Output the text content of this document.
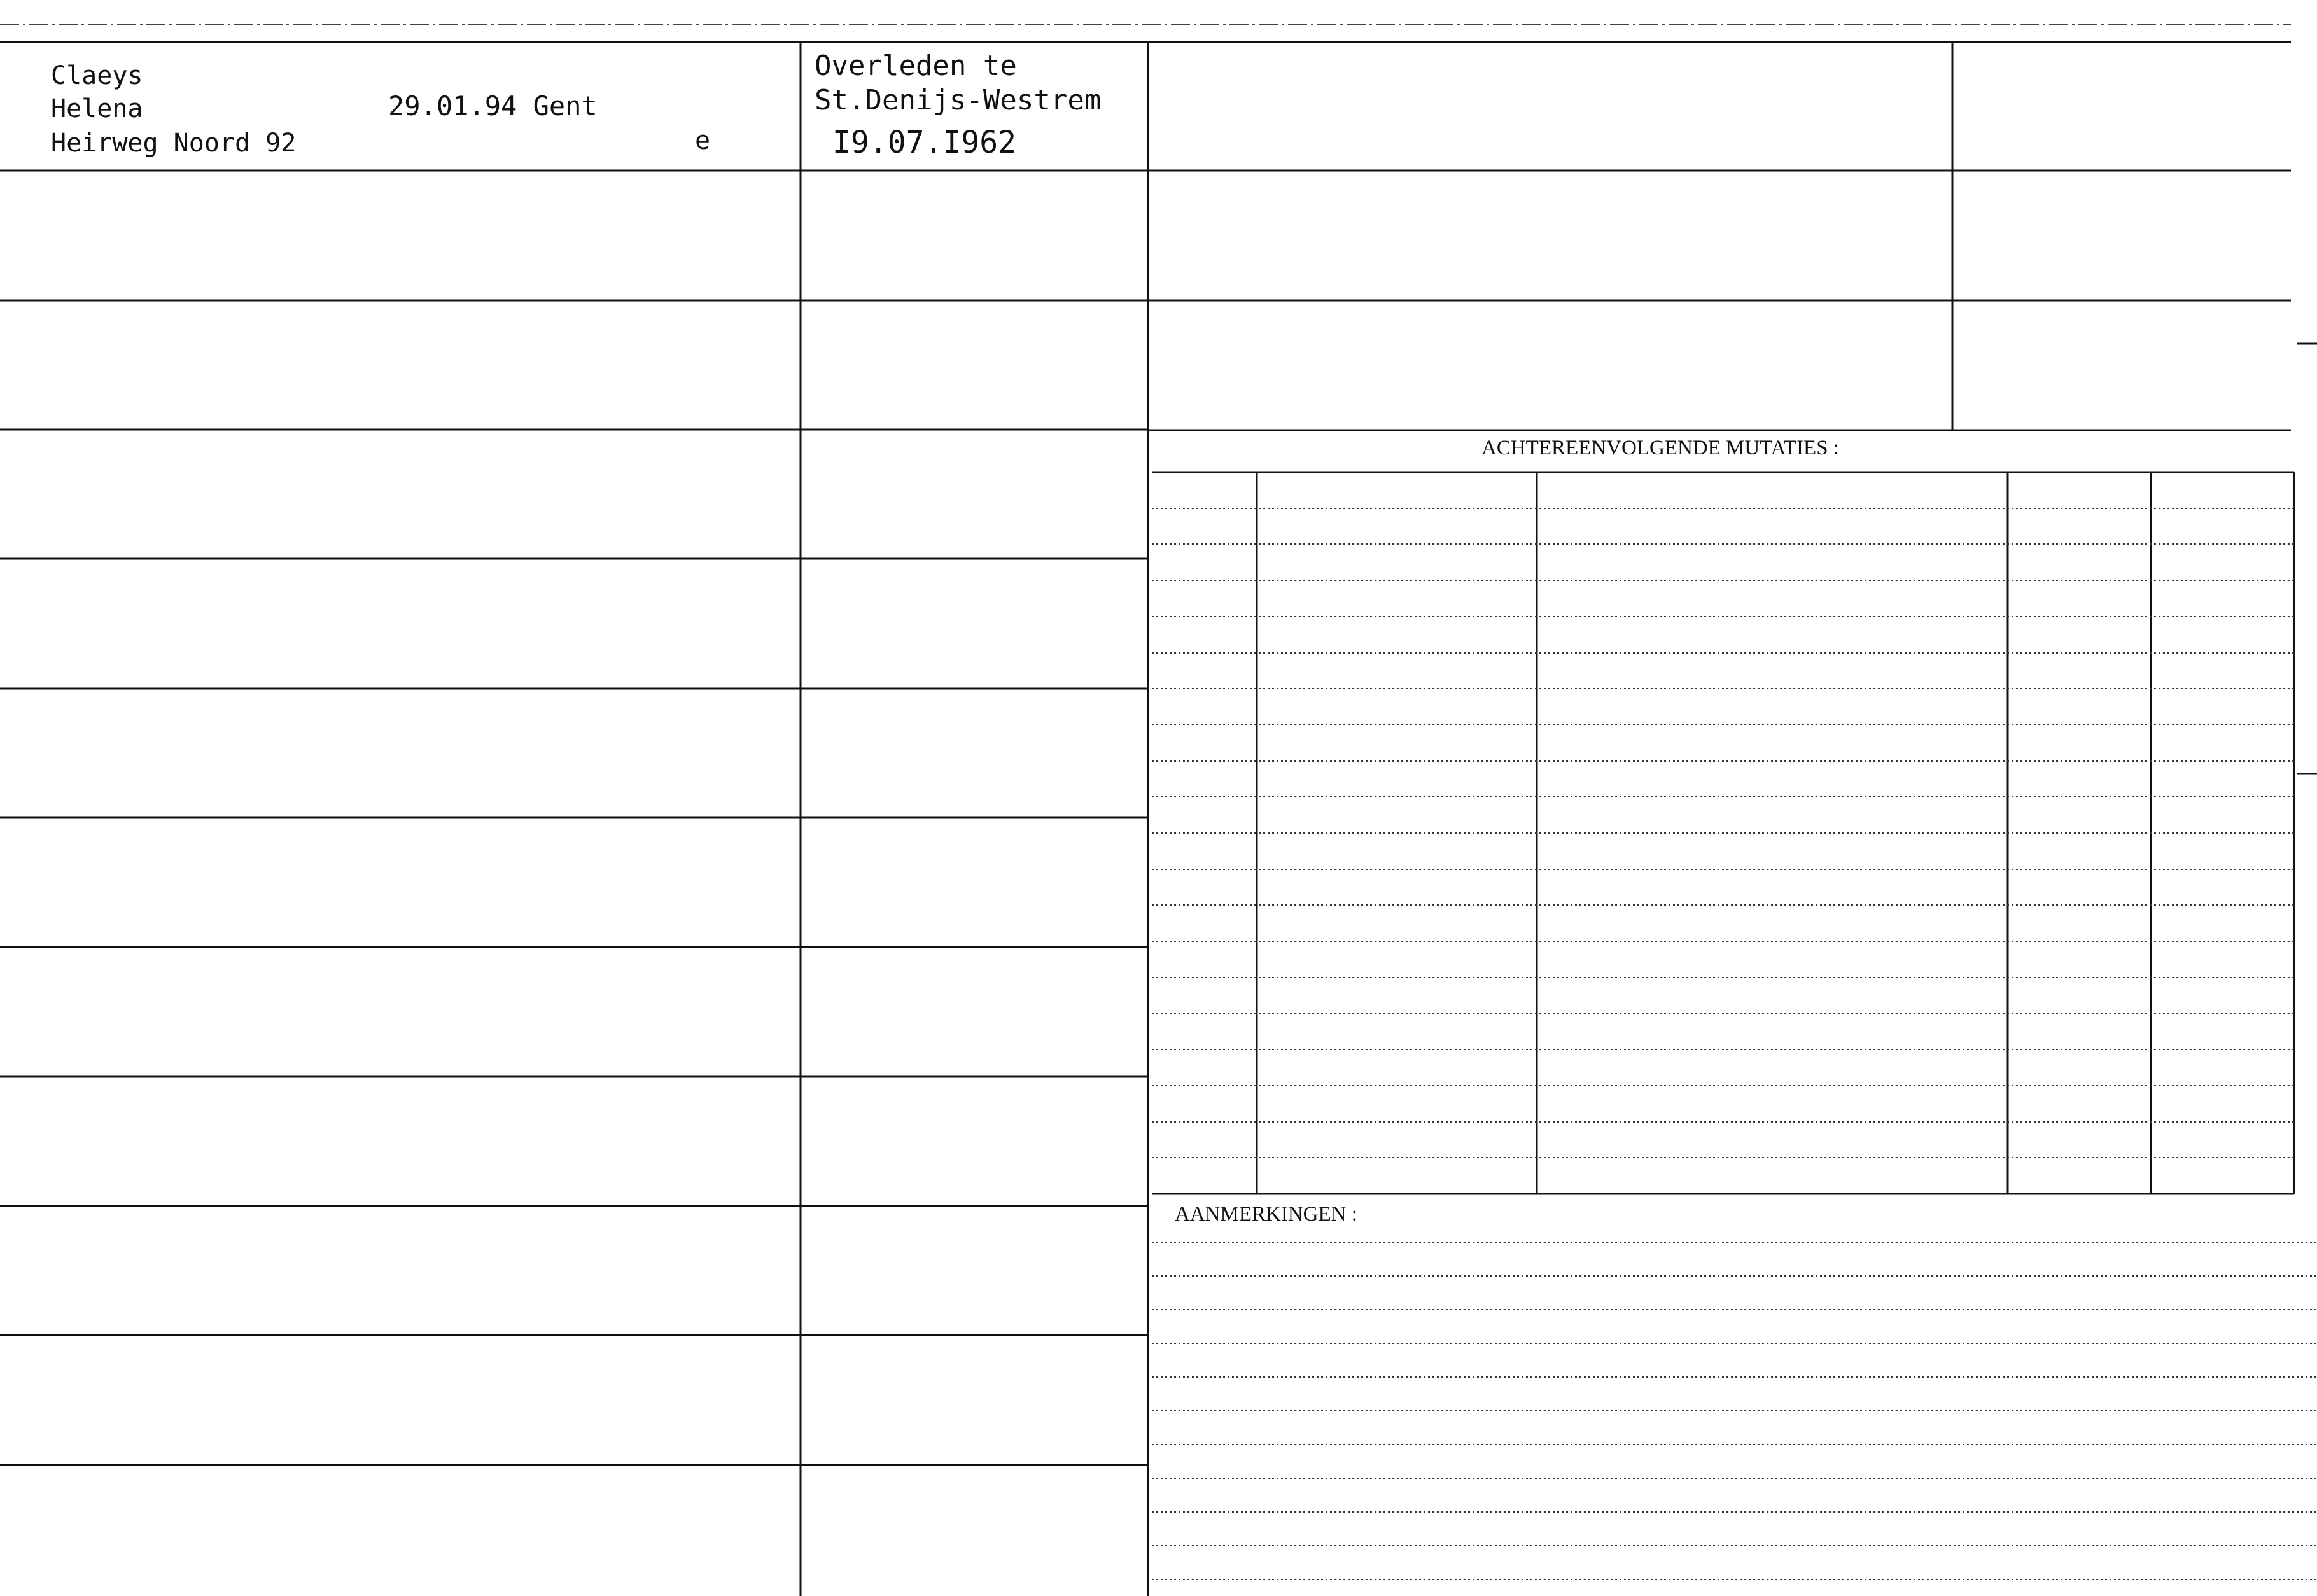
Claeys
Helena
Heirweg Noord 92
29.01.94 Gent
e
Overleden te
St.Denijs-Westrem
I9.07.I962
ACHTEREENVOLGENDE MUTATIES :
AANMERKINGEN :
